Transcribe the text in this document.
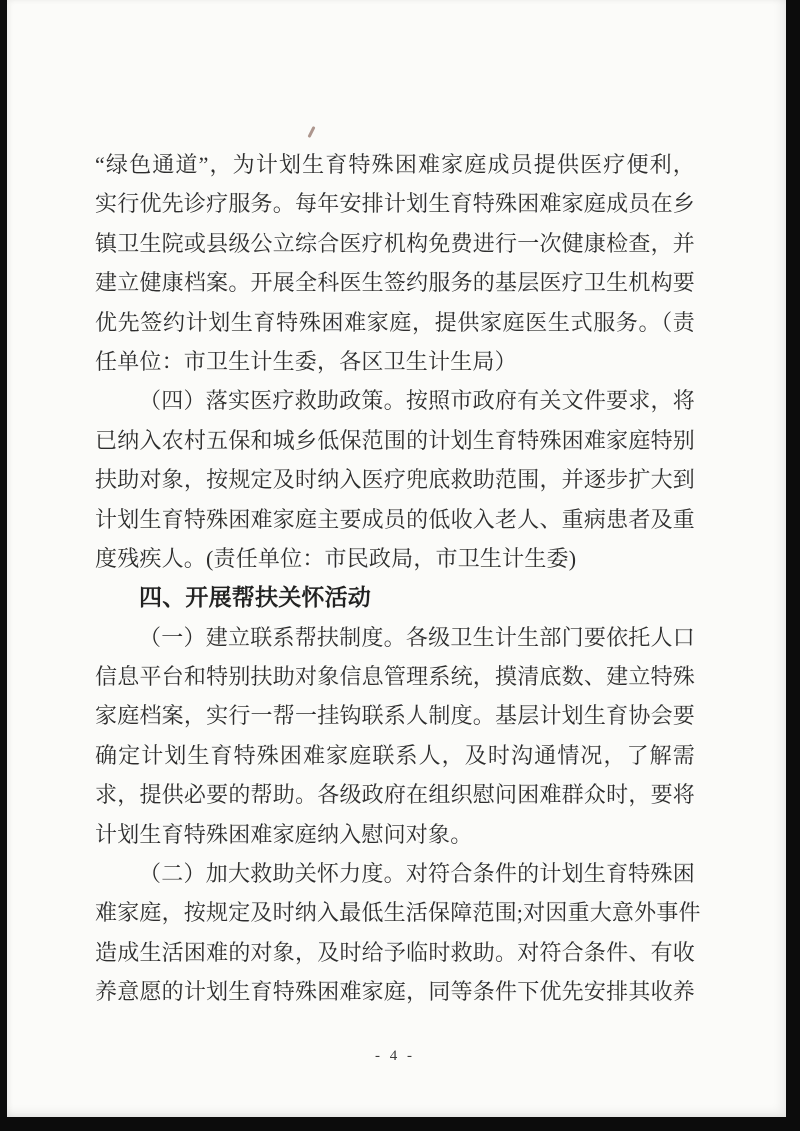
“绿色通道”，为计划生育特殊困难家庭成员提供医疗便利，
实行优先诊疗服务。每年安排计划生育特殊困难家庭成员在乡
镇卫生院或县级公立综合医疗机构免费进行一次健康检查，并
建立健康档案。开展全科医生签约服务的基层医疗卫生机构要
优先签约计划生育特殊困难家庭，提供家庭医生式服务。（责
任单位：市卫生计生委，各区卫生计生局）
（四）落实医疗救助政策。按照市政府有关文件要求，将
已纳入农村五保和城乡低保范围的计划生育特殊困难家庭特别
扶助对象，按规定及时纳入医疗兜底救助范围，并逐步扩大到
计划生育特殊困难家庭主要成员的低收入老人、重病患者及重
度残疾人。(责任单位：市民政局，市卫生计生委)
四、开展帮扶关怀活动
（一）建立联系帮扶制度。各级卫生计生部门要依托人口
信息平台和特别扶助对象信息管理系统，摸清底数、建立特殊
家庭档案，实行一帮一挂钩联系人制度。基层计划生育协会要
确定计划生育特殊困难家庭联系人，及时沟通情况，了解需
求，提供必要的帮助。各级政府在组织慰问困难群众时，要将
计划生育特殊困难家庭纳入慰问对象。
（二）加大救助关怀力度。对符合条件的计划生育特殊困
难家庭，按规定及时纳入最低生活保障范围;对因重大意外事件
造成生活困难的对象，及时给予临时救助。对符合条件、有收
养意愿的计划生育特殊困难家庭，同等条件下优先安排其收养
- 4 -
